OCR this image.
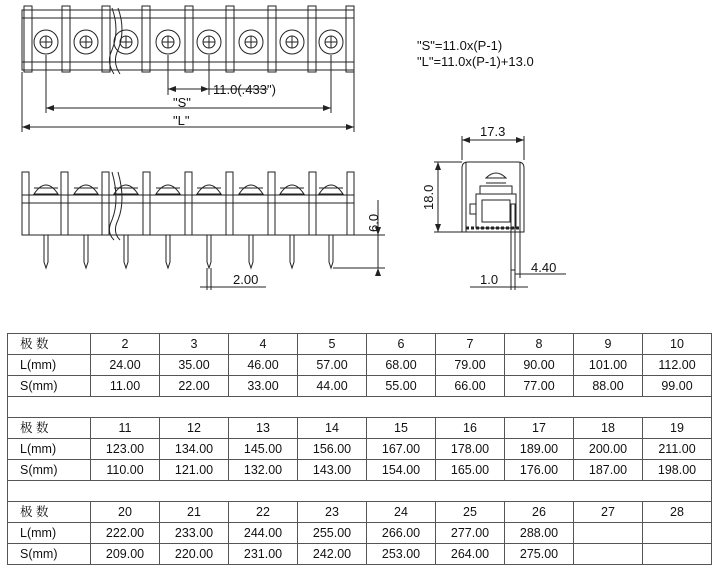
11.0(.433")
"S"
"L"
17.3
18.0
6.0
2.00	1.0
4.40
"S"=11.0x(P-1)
"L"=11.0x(P-1)+13.0
极 数	2	3	4	5	6	7	8	9	10
L(mm)	24.00	35.00	46.00	57.00	68.00	79.00	90.00	101.00	112.00
S(mm)	11.00	22.00	33.00	44.00	55.00	66.00	77.00	88.00	99.00

极 数	11	12	13	14	15	16	17	18	19
L(mm)	123.00	134.00	145.00	156.00	167.00	178.00	189.00	200.00	211.00
S(mm)	110.00	121.00	132.00	143.00	154.00	165.00	176.00	187.00	198.00

极 数	20	21	22	23	24	25	26	27	28
L(mm)	222.00	233.00	244.00	255.00	266.00	277.00	288.00		
S(mm)	209.00	220.00	231.00	242.00	253.00	264.00	275.00		
